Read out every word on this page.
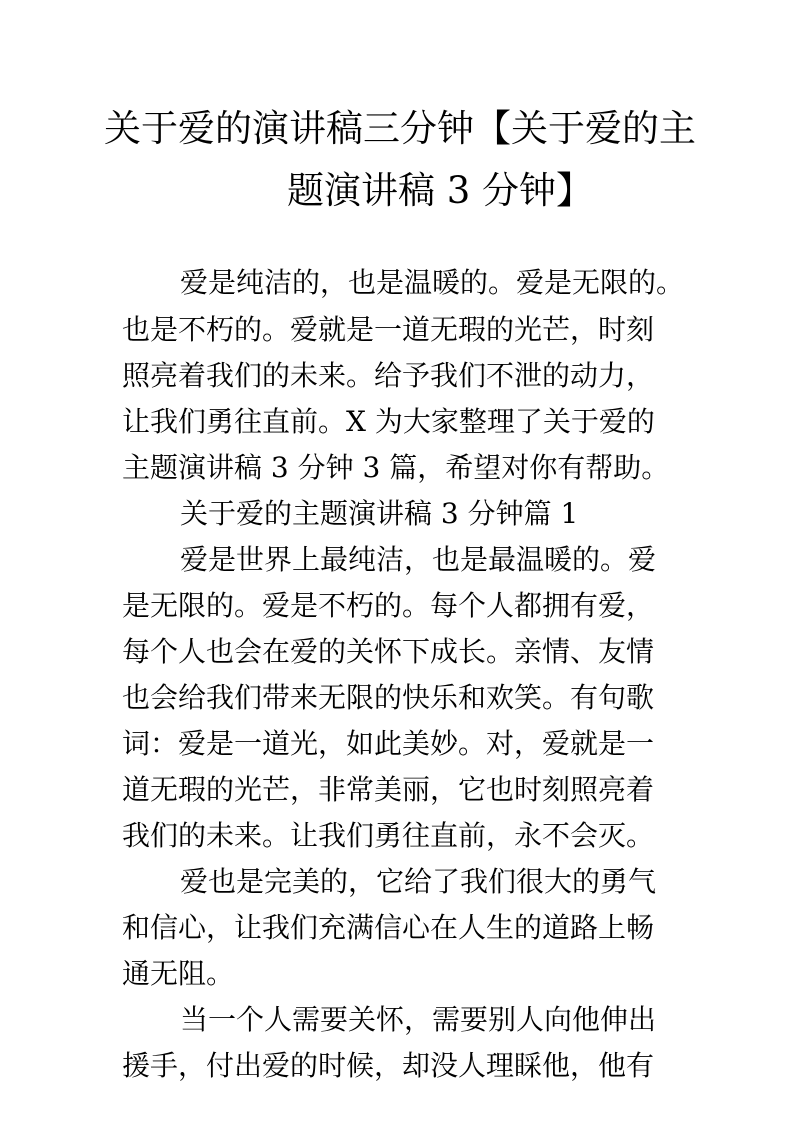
关于爱的演讲稿三分钟【关于爱的主
题演讲稿 3 分钟】

爱是纯洁的，也是温暖的。爱是无限的。

也是不朽的。爱就是一道无瑕的光芒，时刻

照亮着我们的未来。给予我们不泄的动力，

让我们勇往直前。X 为大家整理了关于爱的

主题演讲稿 3 分钟 3 篇，希望对你有帮助。

关于爱的主题演讲稿 3 分钟篇 1

爱是世界上最纯洁，也是最温暖的。爱

是无限的。爱是不朽的。每个人都拥有爱，

每个人也会在爱的关怀下成长。亲情、友情

也会给我们带来无限的快乐和欢笑。有句歌

词：爱是一道光，如此美妙。对，爱就是一

道无瑕的光芒，非常美丽，它也时刻照亮着

我们的未来。让我们勇往直前，永不会灭。

爱也是完美的，它给了我们很大的勇气

和信心，让我们充满信心在人生的道路上畅

通无阻。

当一个人需要关怀，需要别人向他伸出

援手，付出爱的时候，却没人理睬他，他有
